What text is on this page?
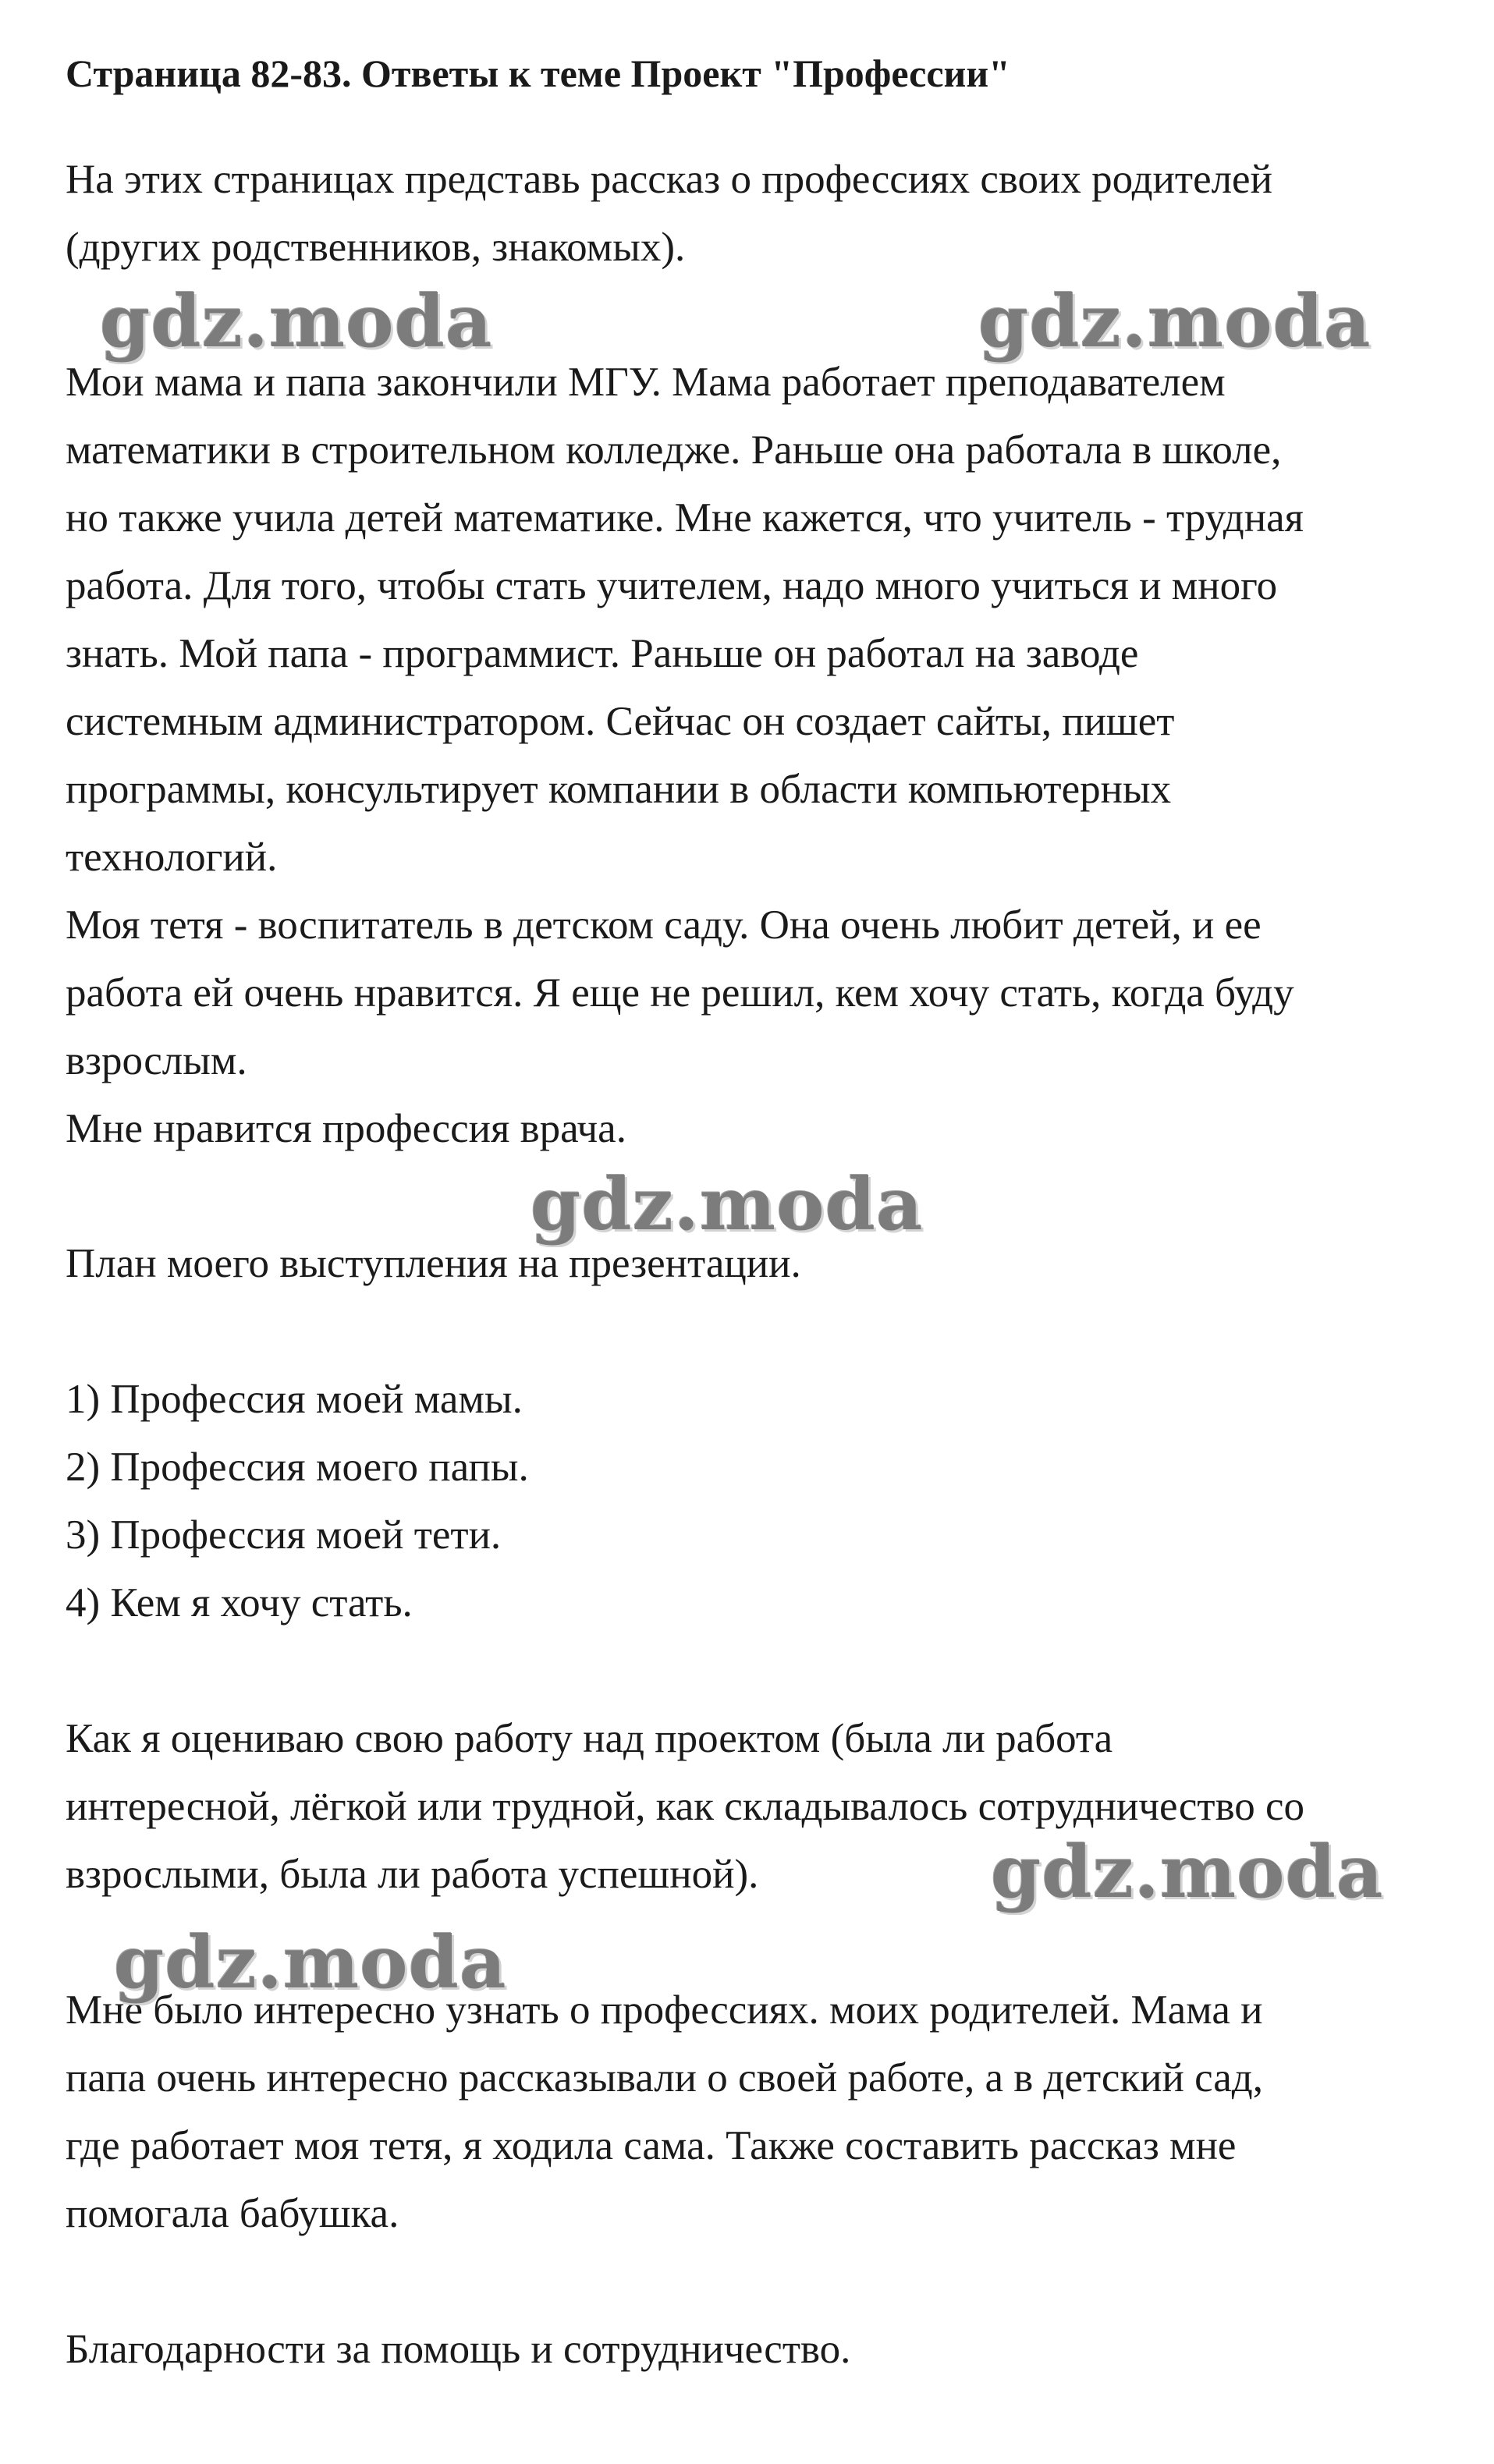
Страница 82-83. Ответы к теме Проект "Профессии"

На этих страницах представь рассказ о профессиях своих родителей

(других родственников, знакомых).

Мои мама и папа закончили МГУ. Мама работает преподавателем

математики в строительном колледже. Раньше она работала в школе,

но также учила детей математике. Мне кажется, что учитель - трудная

работа. Для того, чтобы стать учителем, надо много учиться и много

знать. Мой папа - программист. Раньше он работал на заводе

системным администратором. Сейчас он создает сайты, пишет

программы, консультирует компании в области компьютерных

технологий.

Моя тетя - воспитатель в детском саду. Она очень любит детей, и ее

работа ей очень нравится. Я еще не решил, кем хочу стать, когда буду

взрослым.

Мне нравится профессия врача.

План моего выступления на презентации.

1) Профессия моей мамы.

2) Профессия моего папы.

3) Профессия моей тети.

4) Кем я хочу стать.

Как я оцениваю свою работу над проектом (была ли работа

интересной, лёгкой или трудной, как складывалось сотрудничество со

взрослыми, была ли работа успешной).

Мне было интересно узнать о профессиях. моих родителей. Мама и

папа очень интересно рассказывали о своей работе, а в детский сад,

где работает моя тетя, я ходила сама. Также составить рассказ мне

помогала бабушка.

Благодарности за помощь и сотрудничество.

gdz.moda	gdz.moda
gdz.moda
gdz.moda
gdz.moda
